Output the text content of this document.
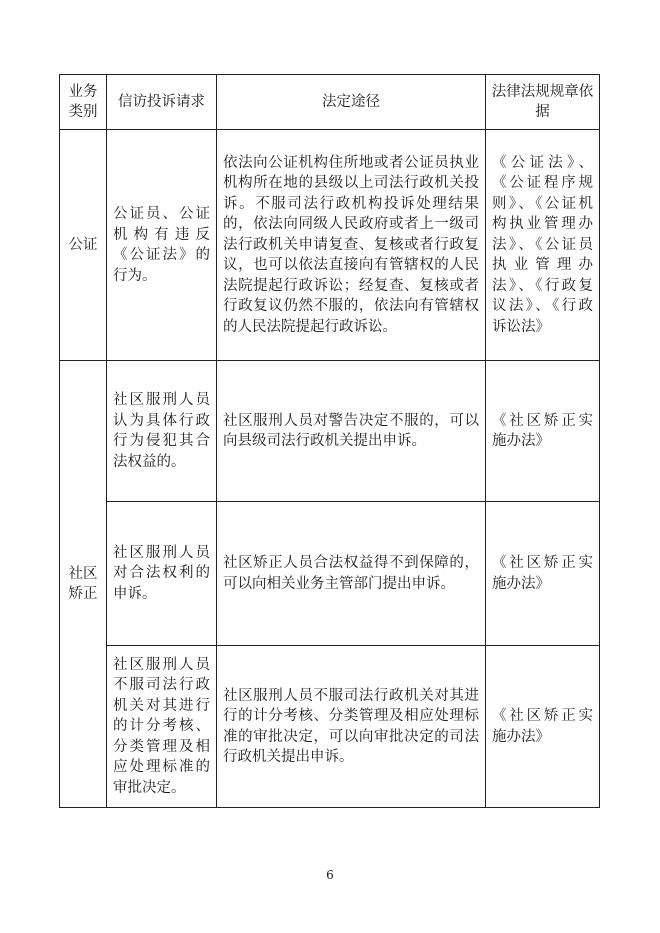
业务类别	信访投诉请求	法定途径	法律法规规章依据
公证	公证员、公证机构有违反《公证法》的行为。	依法向公证机构住所地或者公证员执业机构所在地的县级以上司法行政机关投诉。不服司法行政机构投诉处理结果的，依法向同级人民政府或者上一级司法行政机关申请复查、复核或者行政复议，也可以依法直接向有管辖权的人民法院提起行政诉讼；经复查、复核或者行政复议仍然不服的，依法向有管辖权的人民法院提起行政诉讼。	《公证法》、《公证程序规则》、《公证机构执业管理办法》、《公证员执业管理办法》、《行政复议法》、《行政诉讼法》
社区矫正	社区服刑人员认为具体行政行为侵犯其合法权益的。	社区服刑人员对警告决定不服的，可以向县级司法行政机关提出申诉。	《社区矫正实施办法》
	社区服刑人员对合法权利的申诉。	社区矫正人员合法权益得不到保障的，可以向相关业务主管部门提出申诉。	《社区矫正实施办法》
	社区服刑人员不服司法行政机关对其进行的计分考核、分类管理及相应处理标准的审批决定。	社区服刑人员不服司法行政机关对其进行的计分考核、分类管理及相应处理标准的审批决定，可以向审批决定的司法行政机关提出申诉。	《社区矫正实施办法》
6
